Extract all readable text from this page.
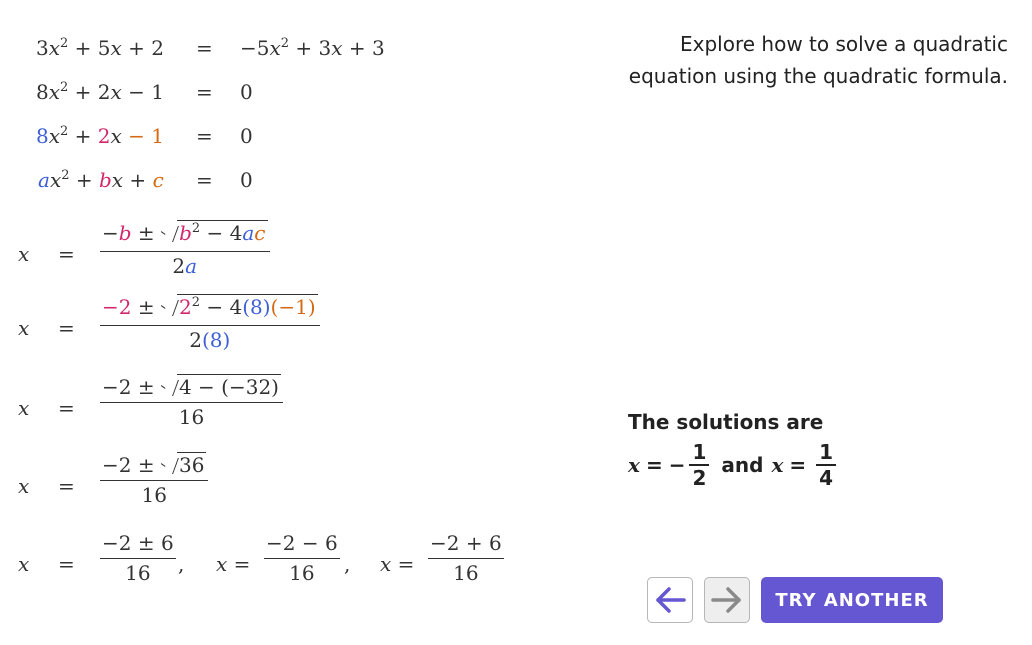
$3x^2 + 5x + 2 = -5x^2 + 3x + 3$
$8x^2 + 2x - 1 = 0$
$8x^2 + 2x - 1 = 0$
$ax^2$ + bx + c = 0
x = −b ±
$b^2 - 4ac$
2a
x = −2 ±
$2^2 - 4(8)(-1)$
2(8)
x = −2 ±
4 − (−32)
16
x = −2 ±
36
16
$x = \frac{-2 \pm 6}{16}$ , $x = \frac{-2 - 6}{16}$ , $x = \frac{-2 + 6}{16}$
Explore how to solve a quadratic equation using the quadratic formula.
The solutions are
x = − $\frac{1}{2}$ and $x = \frac{1}{4}$
TRY ANOTHER
